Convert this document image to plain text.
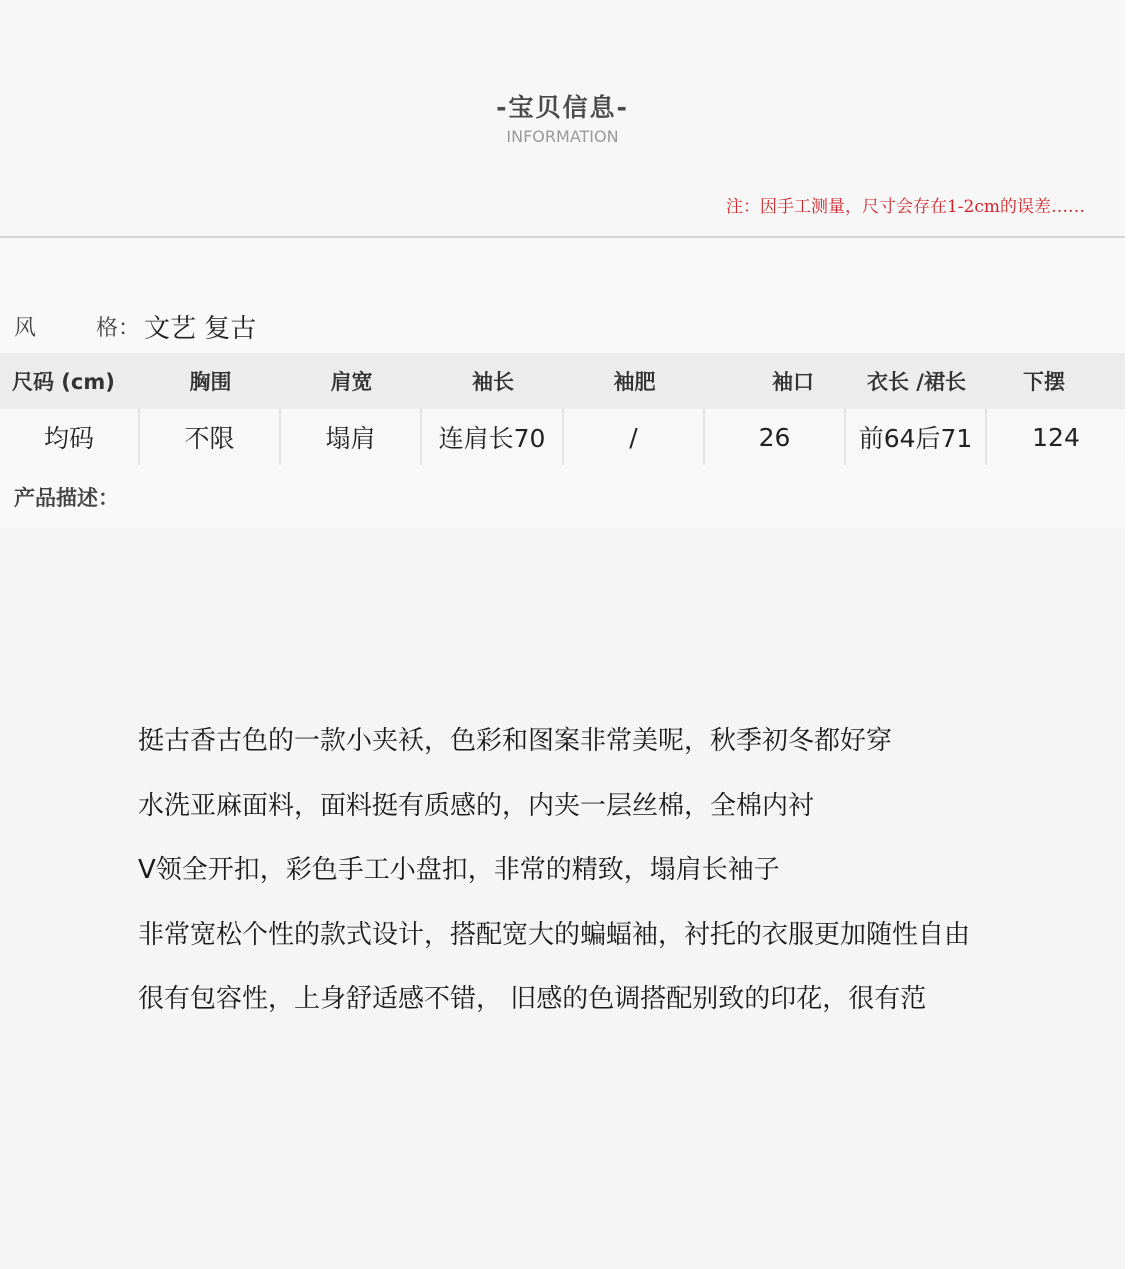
-宝贝信息-
INFORMATION
注：因手工测量，尺寸会存在1-2cm的误差……
风	格： 文艺 复古
尺码 (cm)	胸围	肩宽	袖长	袖肥	袖口	衣长 /裙长	下摆
均码	不限	塌肩	连肩长70	/	26	前64后71	124
产品描述：
挺古香古色的一款小夹袄，色彩和图案非常美呢，秋季初冬都好穿
水洗亚麻面料，面料挺有质感的，内夹一层丝棉，全棉内衬
V领全开扣，彩色手工小盘扣，非常的精致，塌肩长袖子
非常宽松个性的款式设计，搭配宽大的蝙蝠袖，衬托的衣服更加随性自由
很有包容性，上身舒适感不错， 旧感的色调搭配别致的印花，很有范
